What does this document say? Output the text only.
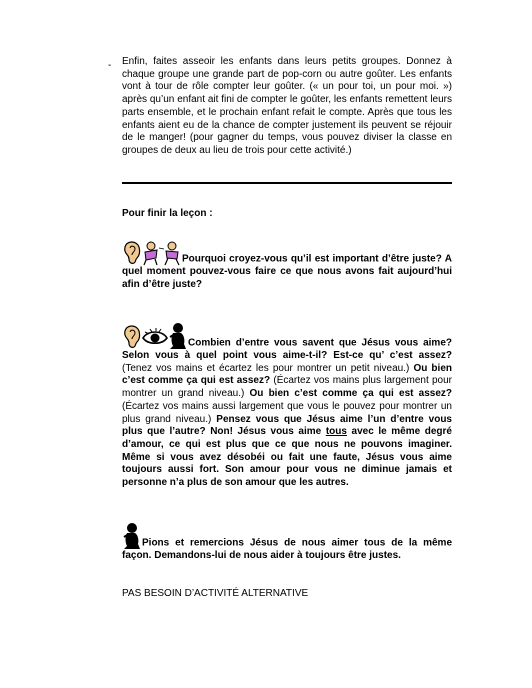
- Enfin, faites asseoir les enfants dans leurs petits groupes. Donnez à chaque groupe une grande part de pop-corn ou autre goûter. Les enfants vont à tour de rôle compter leur goûter. (« un pour toi, un pour moi. ») après qu’un enfant ait fini de compter le goûter, les enfants remettent leurs parts ensemble, et le prochain enfant refait le compte. Après que tous les enfants aient eu de la chance de compter justement ils peuvent se réjouir de le manger! (pour gagner du temps, vous pouvez diviser la classe en groupes de deux au lieu de trois pour cette activité.)
Pour finir la leçon :
Pourquoi croyez-vous qu’il est important d’être juste? A quel moment pouvez-vous faire ce que nous avons fait aujourd’hui afin d’être juste?
Combien d’entre vous savent que Jésus vous aime? Selon vous à quel point vous aime-t-il? Est-ce qu’ c’est assez? (Tenez vos mains et écartez les pour montrer un petit niveau.) Ou bien c’est comme ça qui est assez? (Écartez vos mains plus largement pour montrer un grand niveau.) Ou bien c’est comme ça qui est assez? (Écartez vos mains aussi largement que vous le pouvez pour montrer un plus grand niveau.) Pensez vous que Jésus aime l’un d’entre vous plus que l’autre? Non! Jésus vous aime tous avec le même degré d’amour, ce qui est plus que ce que nous ne pouvons imaginer. Même si vous avez désobéi ou fait une faute, Jésus vous aime toujours aussi fort. Son amour pour vous ne diminue jamais et personne n’a plus de son amour que les autres.
Pions et remercions Jésus de nous aimer tous de la même façon. Demandons-lui de nous aider à toujours être justes.
PAS BESOIN D’ACTIVITÉ ALTERNATIVE
